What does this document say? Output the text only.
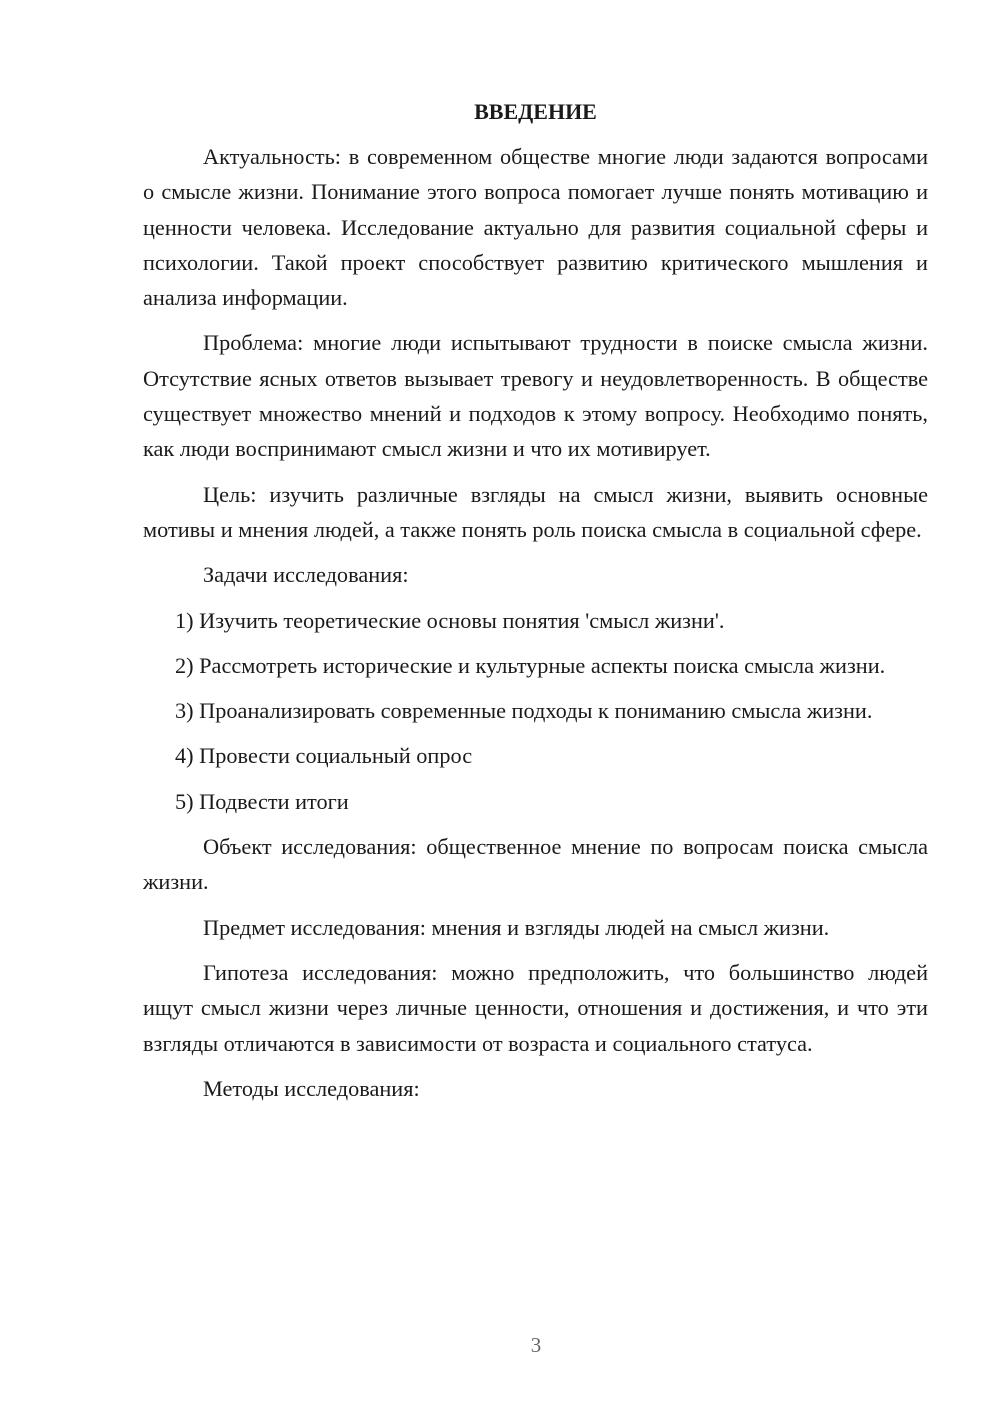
ВВЕДЕНИЕ

Актуальность: в современном обществе многие люди задаются вопросами о смысле жизни. Понимание этого вопроса помогает лучше понять мотивацию и ценности человека. Исследование актуально для развития социальной сферы и психологии. Такой проект способствует развитию критического мышления и анализа информации.

Проблема: многие люди испытывают трудности в поиске смысла жизни. Отсутствие ясных ответов вызывает тревогу и неудовлетворенность. В обществе существует множество мнений и подходов к этому вопросу. Необходимо понять, как люди воспринимают смысл жизни и что их мотивирует.

Цель: изучить различные взгляды на смысл жизни, выявить основные мотивы и мнения людей, а также понять роль поиска смысла в социальной сфере.

Задачи исследования:

1) Изучить теоретические основы понятия 'смысл жизни'.

2) Рассмотреть исторические и культурные аспекты поиска смысла жизни.

3) Проанализировать современные подходы к пониманию смысла жизни.

4) Провести социальный опрос

5) Подвести итоги

Объект исследования: общественное мнение по вопросам поиска смысла жизни.

Предмет исследования: мнения и взгляды людей на смысл жизни.

Гипотеза исследования: можно предположить, что большинство людей ищут смысл жизни через личные ценности, отношения и достижения, и что эти взгляды отличаются в зависимости от возраста и социального статуса.

Методы исследования:

3
